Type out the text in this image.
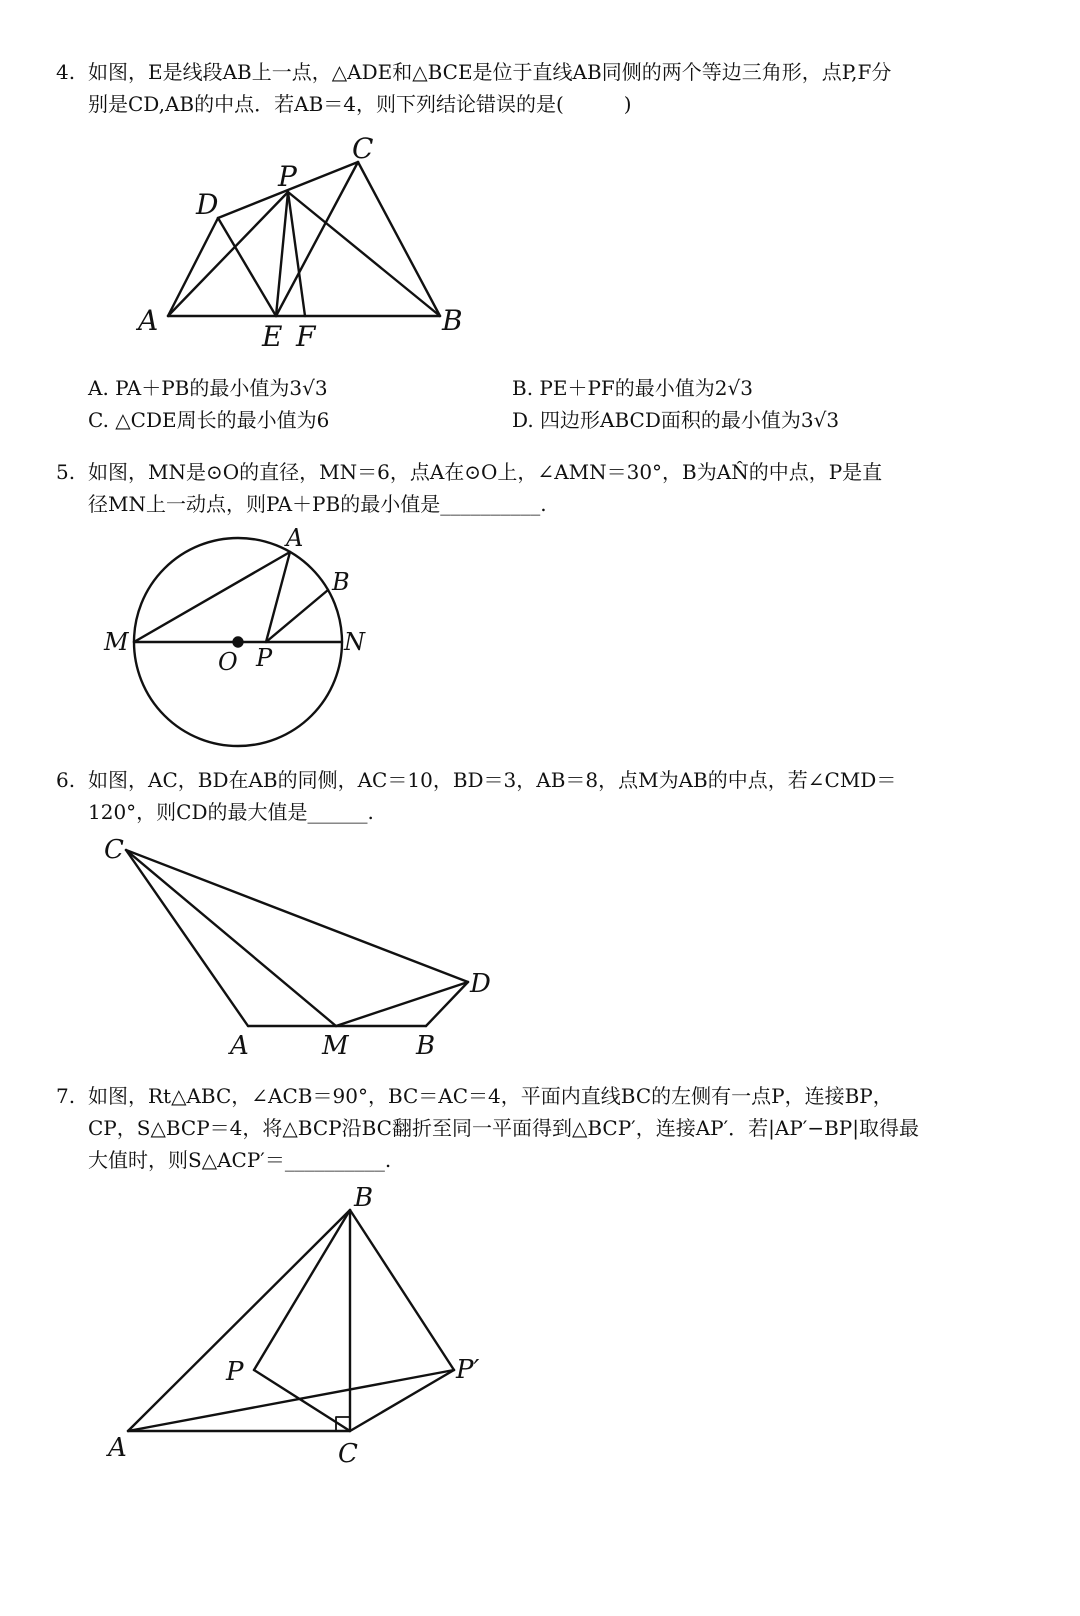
4. 如图，E是线段AB上一点，△ADE和△BCE是位于直线AB同侧的两个等边三角形，点P,F分
别是CD,AB的中点．若AB＝4，则下列结论错误的是(　　　)
A	B
C
D
E F
P
A. PA＋PB的最小值为3√3	B. PE＋PF的最小值为2√3
C. △CDE周长的最小值为6	D. 四边形ABCD面积的最小值为3√3
5. 如图，MN是⊙O的直径，MN＝6，点A在⊙O上，∠AMN＝30°，B为AN̂的中点，P是直
径MN上一动点，则PA＋PB的最小值是__________.
M	N
A
B
O P
6. 如图，AC，BD在AB的同侧，AC＝10，BD＝3，AB＝8，点M为AB的中点，若∠CMD＝
120°，则CD的最大值是______.
C
D
A	M	B
7. 如图，Rt△ABC，∠ACB＝90°，BC＝AC＝4，平面内直线BC的左侧有一点P，连接BP，
CP，S△BCP＝4，将△BCP沿BC翻折至同一平面得到△BCP′，连接AP′．若|AP′−BP|取得最
大值时，则S△ACP′＝__________.
B
A	C
P	P′
